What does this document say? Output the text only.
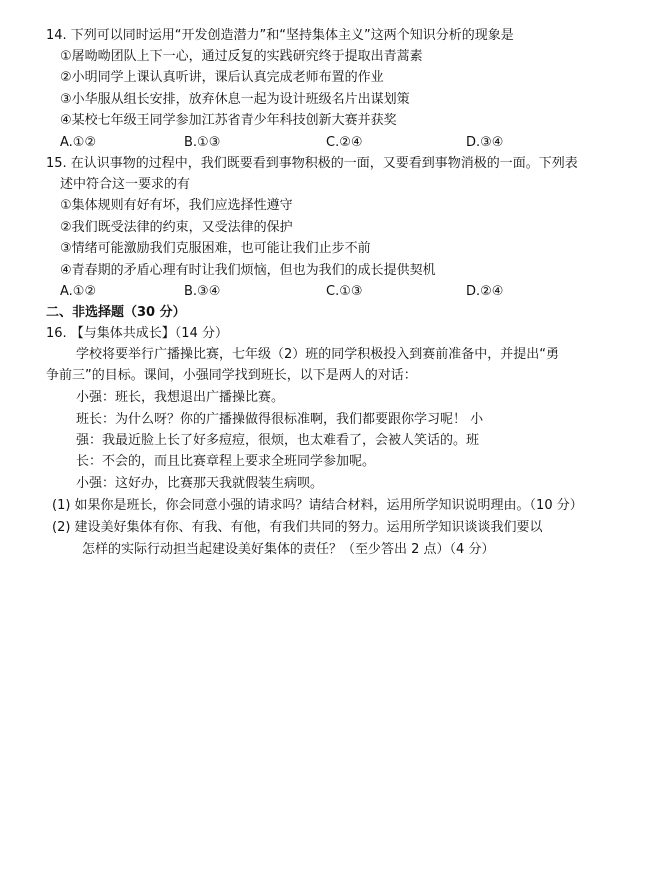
14. 下列可以同时运用“开发创造潜力”和“坚持集体主义”这两个知识分析的现象是
①屠呦呦团队上下一心，通过反复的实践研究终于提取出青蒿素
②小明同学上课认真听讲，课后认真完成老师布置的作业
③小华服从组长安排，放弃休息一起为设计班级名片出谋划策
④某校七年级王同学参加江苏省青少年科技创新大赛并获奖
A.①②	B.①③	C.②④	D.③④
15. 在认识事物的过程中，我们既要看到事物积极的一面，又要看到事物消极的一面。下列表
述中符合这一要求的有
①集体规则有好有坏，我们应选择性遵守
②我们既受法律的约束，又受法律的保护
③情绪可能激励我们克服困难，也可能让我们止步不前
④青春期的矛盾心理有时让我们烦恼，但也为我们的成长提供契机
A.①②	B.③④	C.①③	D.②④
二、非选择题（30 分）
16. 【与集体共成长】（14 分）
学校将要举行广播操比赛，七年级（2）班的同学积极投入到赛前准备中，并提出“勇
争前三”的目标。课间，小强同学找到班长，以下是两人的对话：
小强：班长，我想退出广播操比赛。
班长：为什么呀？你的广播操做得很标准啊，我们都要跟你学习呢！ 小
强：我最近脸上长了好多痘痘，很烦，也太难看了，会被人笑话的。班
长：不会的，而且比赛章程上要求全班同学参加呢。
小强：这好办，比赛那天我就假装生病呗。
(1) 如果你是班长，你会同意小强的请求吗？请结合材料，运用所学知识说明理由。（10 分）
(2) 建设美好集体有你、有我、有他，有我们共同的努力。运用所学知识谈谈我们要以
怎样的实际行动担当起建设美好集体的责任？（至少答出 2 点）（4 分）
